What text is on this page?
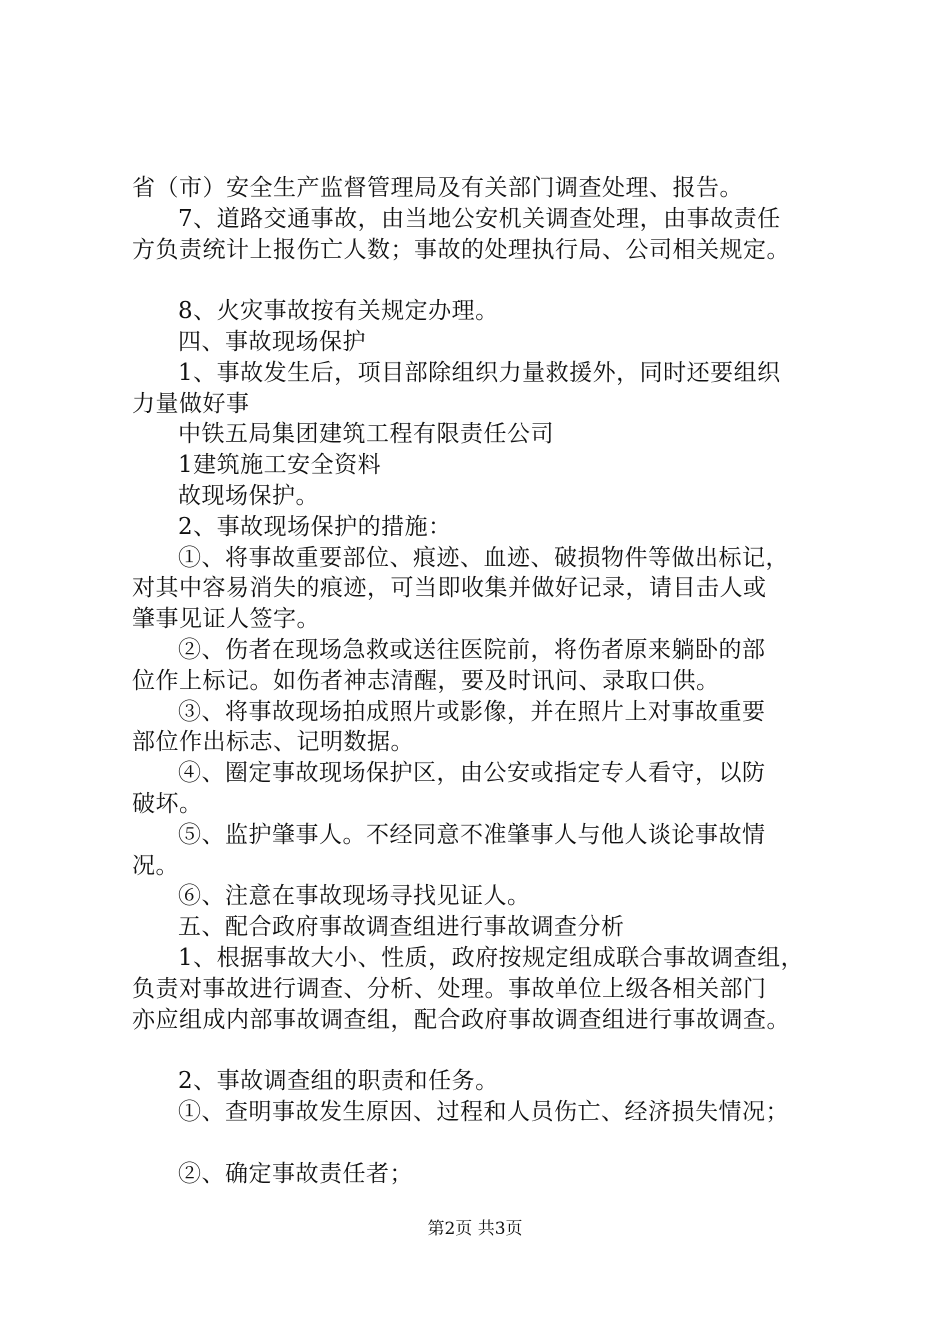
省（市）安全生产监督管理局及有关部门调查处理、报告。
7、道路交通事故，由当地公安机关调查处理，由事故责任
方负责统计上报伤亡人数；事故的处理执行局、公司相关规定。
8、火灾事故按有关规定办理。
四、事故现场保护
1、事故发生后，项目部除组织力量救援外，同时还要组织
力量做好事
中铁五局集团建筑工程有限责任公司
1建筑施工安全资料
故现场保护。
2、事故现场保护的措施：
①、将事故重要部位、痕迹、血迹、破损物件等做出标记，
对其中容易消失的痕迹，可当即收集并做好记录，请目击人或
肇事见证人签字。
②、伤者在现场急救或送往医院前，将伤者原来躺卧的部
位作上标记。如伤者神志清醒，要及时讯问、录取口供。
③、将事故现场拍成照片或影像，并在照片上对事故重要
部位作出标志、记明数据。
④、圈定事故现场保护区，由公安或指定专人看守，以防
破坏。
⑤、监护肇事人。不经同意不准肇事人与他人谈论事故情
况。
⑥、注意在事故现场寻找见证人。
五、配合政府事故调查组进行事故调查分析
1、根据事故大小、性质，政府按规定组成联合事故调查组，
负责对事故进行调查、分析、处理。事故单位上级各相关部门
亦应组成内部事故调查组，配合政府事故调查组进行事故调查。
2、事故调查组的职责和任务。
①、查明事故发生原因、过程和人员伤亡、经济损失情况；
②、确定事故责任者；
第2页 共3页
